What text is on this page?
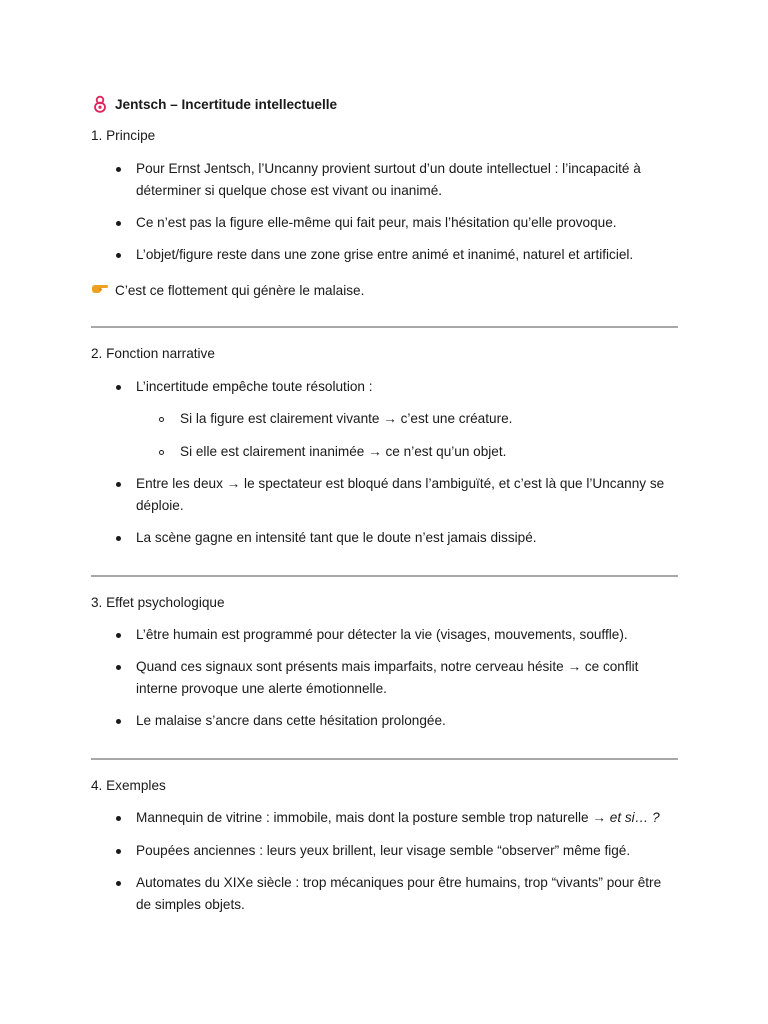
Jentsch – Incertitude intellectuelle
1. Principe
Pour Ernst Jentsch, l’Uncanny provient surtout d’un doute intellectuel : l’incapacité à
déterminer si quelque chose est vivant ou inanimé.
Ce n’est pas la figure elle-même qui fait peur, mais l’hésitation qu’elle provoque.
L’objet/figure reste dans une zone grise entre animé et inanimé, naturel et artificiel.
C’est ce flottement qui génère le malaise.
2. Fonction narrative
L’incertitude empêche toute résolution :
Si la figure est clairement vivante → c’est une créature.
Si elle est clairement inanimée → ce n’est qu’un objet.
Entre les deux → le spectateur est bloqué dans l’ambiguïté, et c’est là que l’Uncanny se
déploie.
La scène gagne en intensité tant que le doute n’est jamais dissipé.
3. Effet psychologique
L’être humain est programmé pour détecter la vie (visages, mouvements, souffle).
Quand ces signaux sont présents mais imparfaits, notre cerveau hésite → ce conflit
interne provoque une alerte émotionnelle.
Le malaise s’ancre dans cette hésitation prolongée.
4. Exemples
Mannequin de vitrine : immobile, mais dont la posture semble trop naturelle → et si… ?
Poupées anciennes : leurs yeux brillent, leur visage semble “observer” même figé.
Automates du XIXe siècle : trop mécaniques pour être humains, trop “vivants” pour être
de simples objets.
